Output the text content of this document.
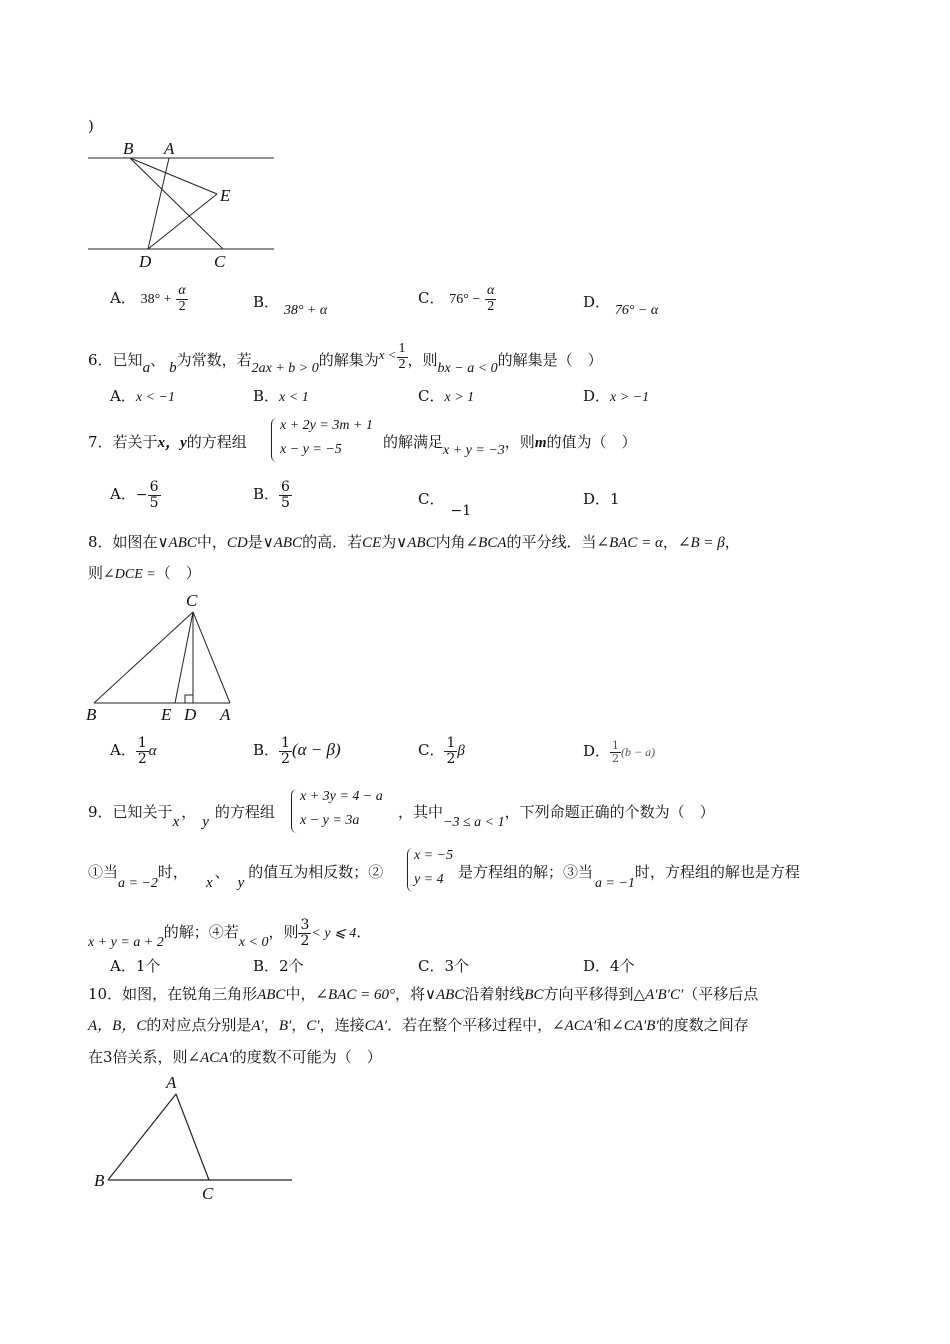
)
B A
E
D	C
A． $38^\circ + \frac{\alpha}{2}$	B． 38° + α
C． $76^\circ - \frac{\alpha}{2}$	D． 76° − α
6．已知a、 b为常数，若2ax + b > 0的解集为$x < \frac{1}{2}$ ，则bx − a < 0的解集是（　）
A．x < −1	B．x < 1	C．x > 1	D．x > −1
7．若关于x，y的方程组
x + 2y = 3m + 1
x − y = −5	的解满足x + y = −3，则m的值为（　）
A．− $\frac{6}{5}$	B． $\frac{6}{5}$	C．−1
D．1
8．如图在∨ABC中，CD是∨ABC的高．若CE为∨ABC内角∠BCA的平分线．当∠BAC = α，∠B = β，
则∠DCE =（　）
C
B	E D A
A． $\frac{1}{2}$ α	B． $\frac{1}{2} (\alpha - \beta)$	C． $\frac{1}{2}$ β	D． $\frac{1}{2} (b - a)$
9．已知关于x，y的方程组
x + 3y = 4 − a
x − y = 3a	，其中−3 ≤ a < 1，下列命题正确的个数为（　）
①当a = −2时，x、y的值互为相反数；②
x = −5
y = 4 是方程组的解；③当a = −1时，方程组的解也是方程
x + y = a + 2的解；④若x < 0，则 $\frac{3}{2} < y$ ⩽ 4．
A．1个	B．2个	C．3个	D．4个
10．如图，在锐角三角形ABC中，∠BAC = 60°，将∨ABC沿着射线BC方向平移得到△A′B′C′（平移后点
A，B，C的对应点分别是A′，B′，C′，连接CA′．若在整个平移过程中，∠ACA′和∠CA′B′的度数之间存
在3倍关系，则∠ACA′的度数不可能为（　）
A
B
C
